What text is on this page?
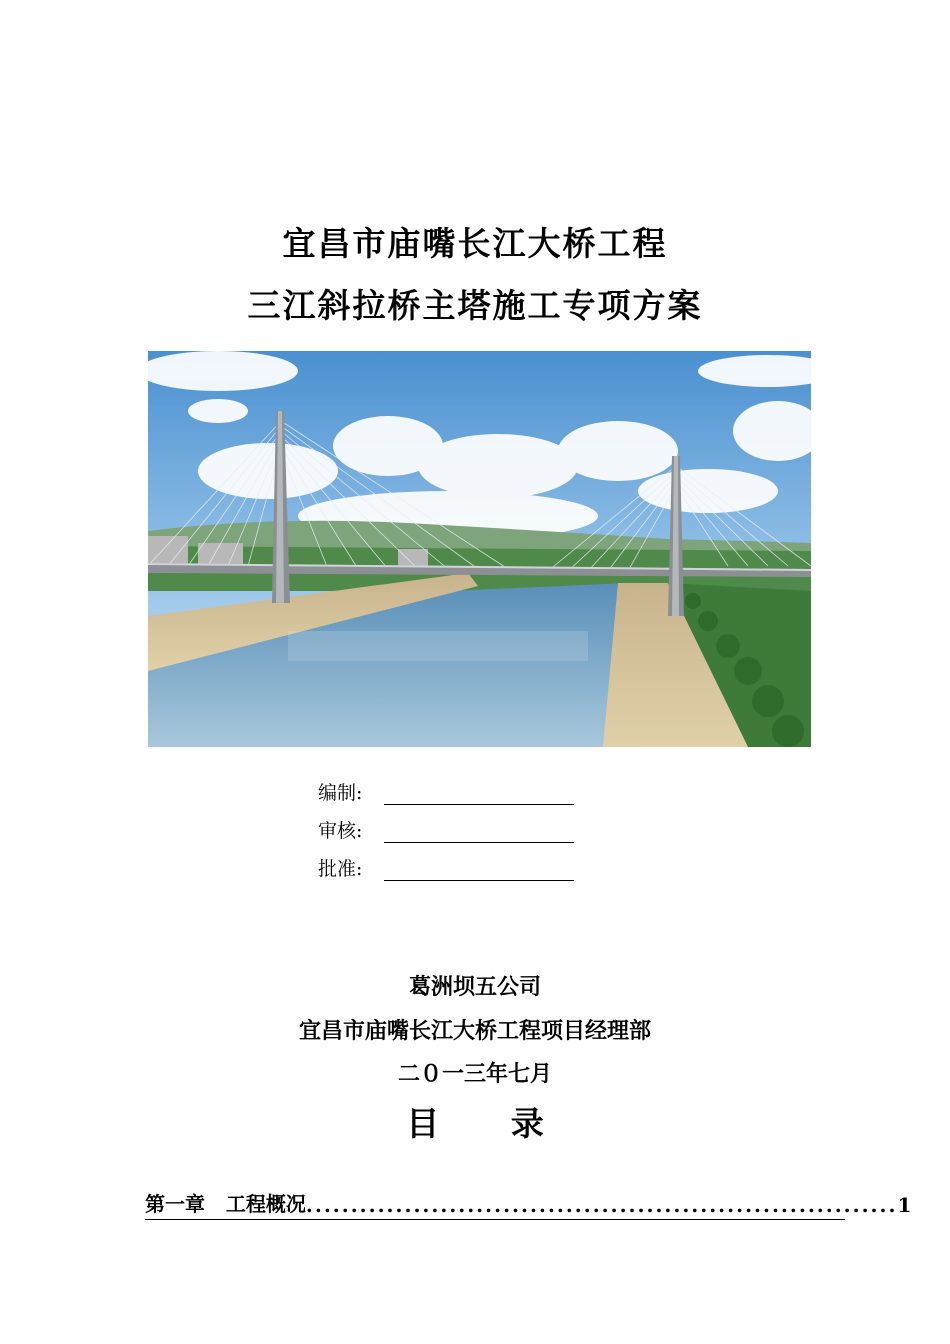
宜昌市庙嘴长江大桥工程
三江斜拉桥主塔施工专项方案
编制:
审核:
批准:
葛洲坝五公司
宜昌市庙嘴长江大桥工程项目经理部
二０一三年七月
目 录
第一章
工程概况 .................................................................. 1
